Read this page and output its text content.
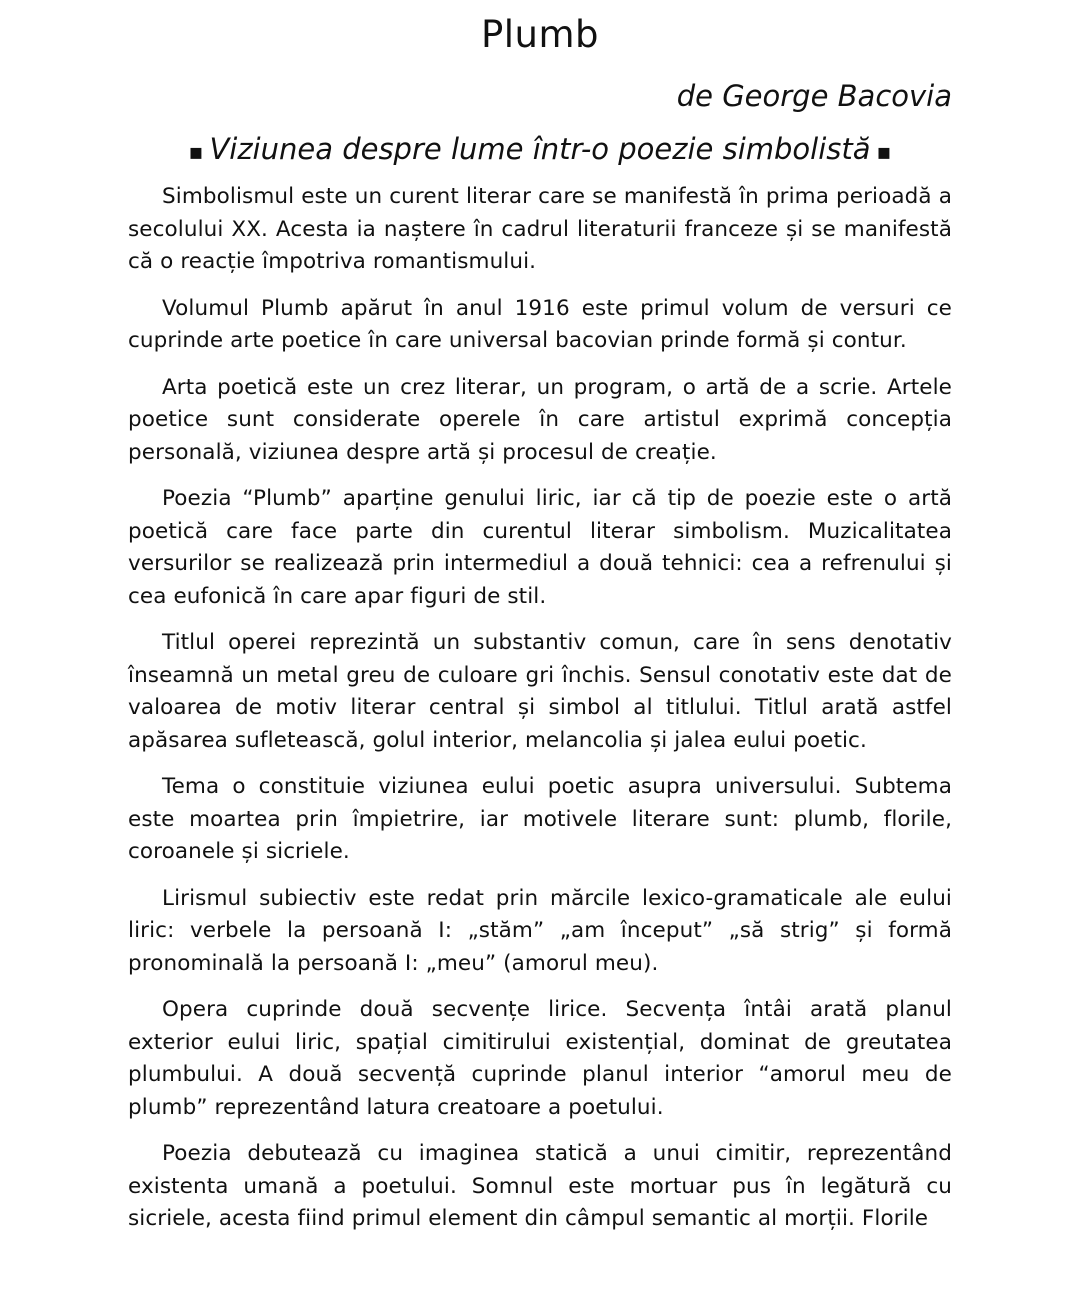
Plumb

de George Bacovia

▪ Viziunea despre lume într-o poezie simbolistă ▪

Simbolismul este un curent literar care se manifestă în prima perioadă a secolului XX. Acesta ia naștere în cadrul literaturii franceze și se manifestă că o reacție împotriva romantismului.

Volumul Plumb apărut în anul 1916 este primul volum de versuri ce cuprinde arte poetice în care universal bacovian prinde formă și contur.

Arta poetică este un crez literar, un program, o artă de a scrie. Artele poetice sunt considerate operele în care artistul exprimă concepția personală, viziunea despre artă și procesul de creație.

Poezia “Plumb” aparține genului liric, iar că tip de poezie este o artă poetică care face parte din curentul literar simbolism. Muzicalitatea versurilor se realizează prin intermediul a două tehnici: cea a refrenului și cea eufonică în care apar figuri de stil.

Titlul operei reprezintă un substantiv comun, care în sens denotativ înseamnă un metal greu de culoare gri închis. Sensul conotativ este dat de valoarea de motiv literar central și simbol al titlului. Titlul arată astfel apăsarea sufletească, golul interior, melancolia și jalea eului poetic.

Tema o constituie viziunea eului poetic asupra universului. Subtema este moartea prin împietrire, iar motivele literare sunt: plumb, florile, coroanele și sicriele.

Lirismul subiectiv este redat prin mărcile lexico-gramaticale ale eului liric: verbele la persoană I: „stăm” „am început” „să strig” și formă pronominală la persoană I: „meu” (amorul meu).

Opera cuprinde două secvențe lirice. Secvența întâi arată planul exterior eului liric, spațial cimitirului existențial, dominat de greutatea plumbului. A două secvență cuprinde planul interior “amorul meu de plumb” reprezentând latura creatoare a poetului.

Poezia debutează cu imaginea statică a unui cimitir, reprezentând existenta umană a poetului. Somnul este mortuar pus în legătură cu sicriele, acesta fiind primul element din câmpul semantic al morții. Florile
